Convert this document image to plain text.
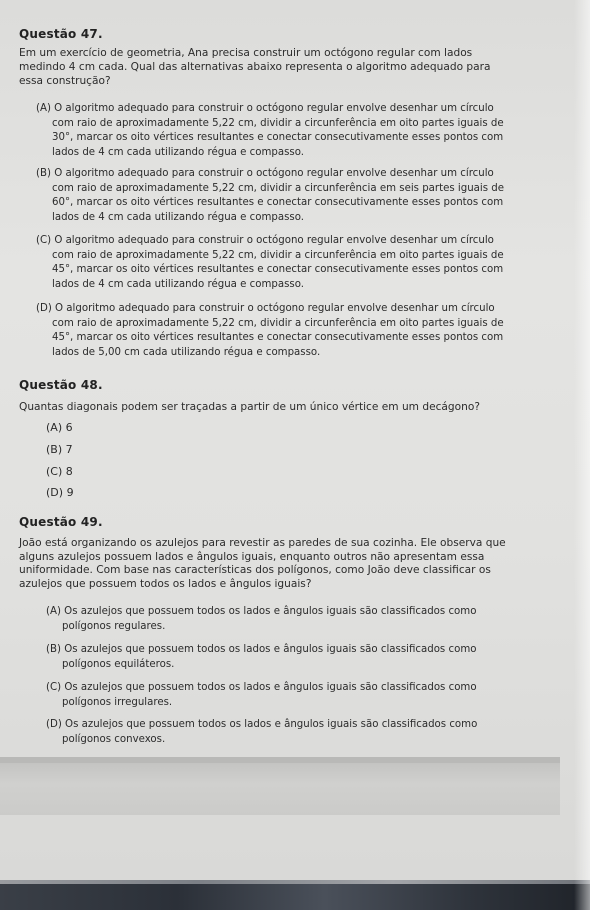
Questão 47.
Em um exercício de geometria, Ana precisa construir um octógono regular com lados medindo 4 cm cada. Qual das alternativas abaixo representa o algoritmo adequado para essa construção?
(A) O algoritmo adequado para construir o octógono regular envolve desenhar um círculo com raio de aproximadamente 5,22 cm, dividir a circunferência em oito partes iguais de 30°, marcar os oito vértices resultantes e conectar consecutivamente esses pontos com lados de 4 cm cada utilizando régua e compasso.
(B) O algoritmo adequado para construir o octógono regular envolve desenhar um círculo com raio de aproximadamente 5,22 cm, dividir a circunferência em seis partes iguais de 60°, marcar os oito vértices resultantes e conectar consecutivamente esses pontos com lados de 4 cm cada utilizando régua e compasso.
(C) O algoritmo adequado para construir o octógono regular envolve desenhar um círculo com raio de aproximadamente 5,22 cm, dividir a circunferência em oito partes iguais de 45°, marcar os oito vértices resultantes e conectar consecutivamente esses pontos com lados de 4 cm cada utilizando régua e compasso.
(D) O algoritmo adequado para construir o octógono regular envolve desenhar um círculo com raio de aproximadamente 5,22 cm, dividir a circunferência em oito partes iguais de 45°, marcar os oito vértices resultantes e conectar consecutivamente esses pontos com lados de 5,00 cm cada utilizando régua e compasso.
Questão 48.
Quantas diagonais podem ser traçadas a partir de um único vértice em um decágono?
(A) 6
(B) 7
(C) 8
(D) 9
Questão 49.
João está organizando os azulejos para revestir as paredes de sua cozinha. Ele observa que alguns azulejos possuem lados e ângulos iguais, enquanto outros não apresentam essa uniformidade. Com base nas características dos polígonos, como João deve classificar os azulejos que possuem todos os lados e ângulos iguais?
(A) Os azulejos que possuem todos os lados e ângulos iguais são classificados como polígonos regulares.
(B) Os azulejos que possuem todos os lados e ângulos iguais são classificados como polígonos equiláteros.
(C) Os azulejos que possuem todos os lados e ângulos iguais são classificados como polígonos irregulares.
(D) Os azulejos que possuem todos os lados e ângulos iguais são classificados como polígonos convexos.
